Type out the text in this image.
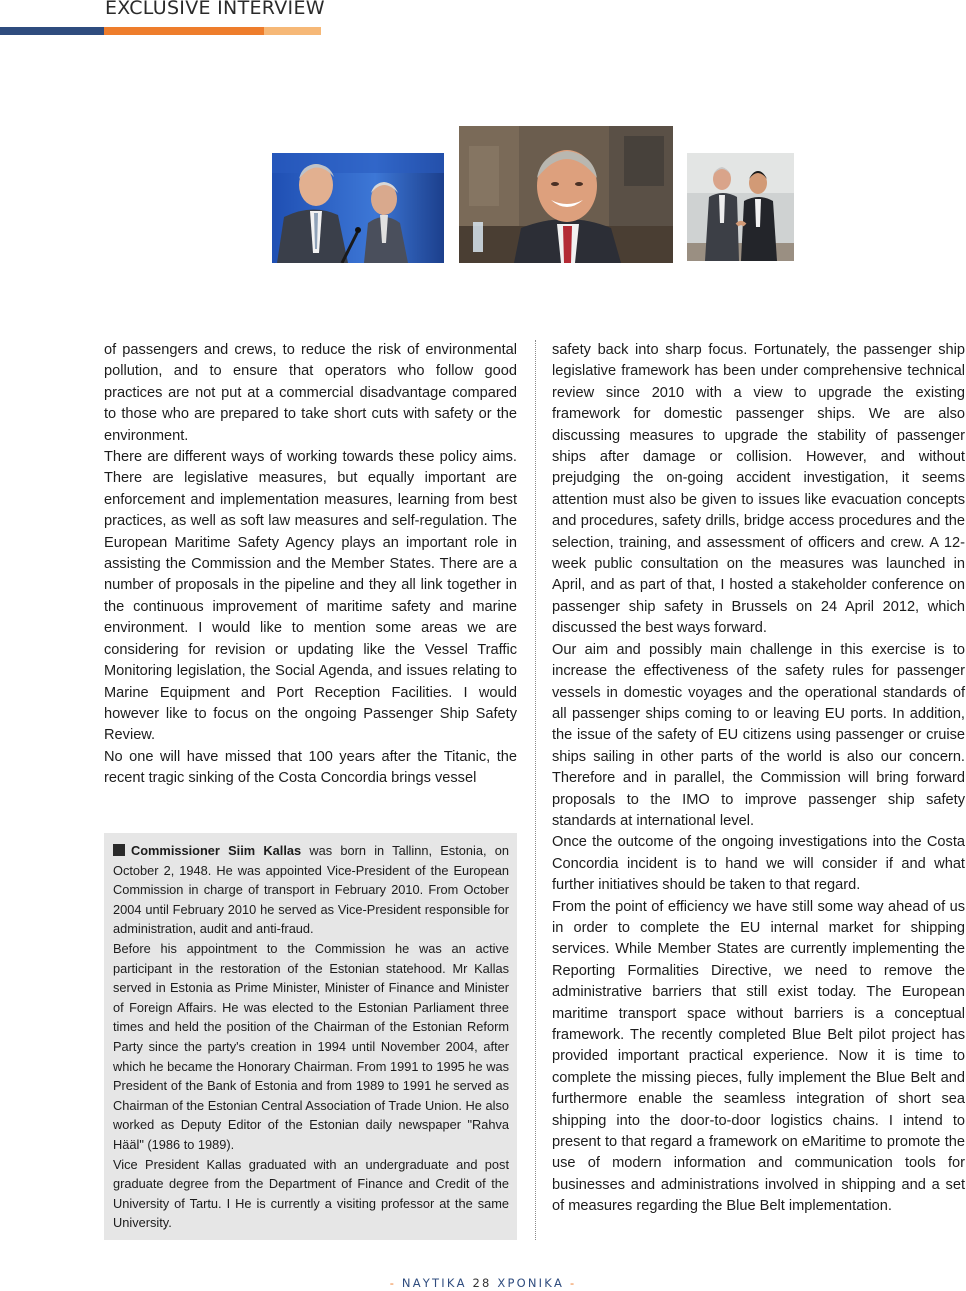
EXCLUSIVE INTERVIEW

of passengers and crews, to reduce the risk of environmental pollution, and to ensure that operators who follow good practices are not put at a commercial disadvantage compared to those who are prepared to take short cuts with safety or the environment.

There are different ways of working towards these policy aims. There are legislative measures, but equally important are enforcement and implementation measures, learning from best practices, as well as soft law measures and self-regulation. The European Maritime Safety Agency plays an important role in assisting the Commission and the Member States. There are a number of proposals in the pipeline and they all link together in the continuous improvement of maritime safety and marine environment. I would like to mention some areas we are considering for revision or updating like the Vessel Traffic Monitoring legislation, the Social Agenda, and issues relating to Marine Equipment and Port Reception Facilities. I would however like to focus on the ongoing Passenger Ship Safety Review.

No one will have missed that 100 years after the Titanic, the recent tragic sinking of the Costa Concordia brings vessel

safety back into sharp focus. Fortunately, the passenger ship legislative framework has been under comprehensive technical review since 2010 with a view to upgrade the existing framework for domestic passenger ships. We are also discussing measures to upgrade the stability of passenger ships after damage or collision. However, and without prejudging the on-going accident investigation, it seems attention must also be given to issues like evacuation concepts and procedures, safety drills, bridge access procedures and the selection, training, and assessment of officers and crew. A 12-week public consultation on the measures was launched in April, and as part of that, I hosted a stakeholder conference on passenger ship safety in Brussels on 24 April 2012, which discussed the best ways forward.

Our aim and possibly main challenge in this exercise is to increase the effectiveness of the safety rules for passenger vessels in domestic voyages and the operational standards of all passenger ships coming to or leaving EU ports. In addition, the issue of the safety of EU citizens using passenger or cruise ships sailing in other parts of the world is also our concern. Therefore and in parallel, the Commission will bring forward proposals to the IMO to improve passenger ship safety standards at international level.

Once the outcome of the ongoing investigations into the Costa Concordia incident is to hand we will consider if and what further initiatives should be taken to that regard.

From the point of efficiency we have still some way ahead of us in order to complete the EU internal market for shipping services. While Member States are currently implementing the Reporting Formalities Directive, we need to remove the administrative barriers that still exist today. The European maritime transport space without barriers is a conceptual framework. The recently completed Blue Belt pilot project has provided important practical experience. Now it is time to complete the missing pieces, fully implement the Blue Belt and furthermore enable the seamless integration of short sea shipping into the door-to-door logistics chains. I intend to present to that regard a framework on eMaritime to promote the use of modern information and communication tools for businesses and administrations involved in shipping and a set of measures regarding the Blue Belt implementation.

Commissioner Siim Kallas was born in Tallinn, Estonia, on October 2, 1948. He was appointed Vice-President of the European Commission in charge of transport in February 2010. From October 2004 until February 2010 he served as Vice-President responsible for administration, audit and anti-fraud.

Before his appointment to the Commission he was an active participant in the restoration of the Estonian statehood. Mr Kallas served in Estonia as Prime Minister, Minister of Finance and Minister of Foreign Affairs. He was elected to the Estonian Parliament three times and held the position of the Chairman of the Estonian Reform Party since the party's creation in 1994 until November 2004, after which he became the Honorary Chairman. From 1991 to 1995 he was President of the Bank of Estonia and from 1989 to 1991 he served as Chairman of the Estonian Central Association of Trade Union. He also worked as Deputy Editor of the Estonian daily newspaper "Rahva Hääl" (1986 to 1989).

Vice President Kallas graduated with an undergraduate and post graduate degree from the Department of Finance and Credit of the University of Tartu. I He is currently a visiting professor at the same University.

- ΝΑΥΤΙΚΑ 28 ΧΡΟΝΙΚΑ -
